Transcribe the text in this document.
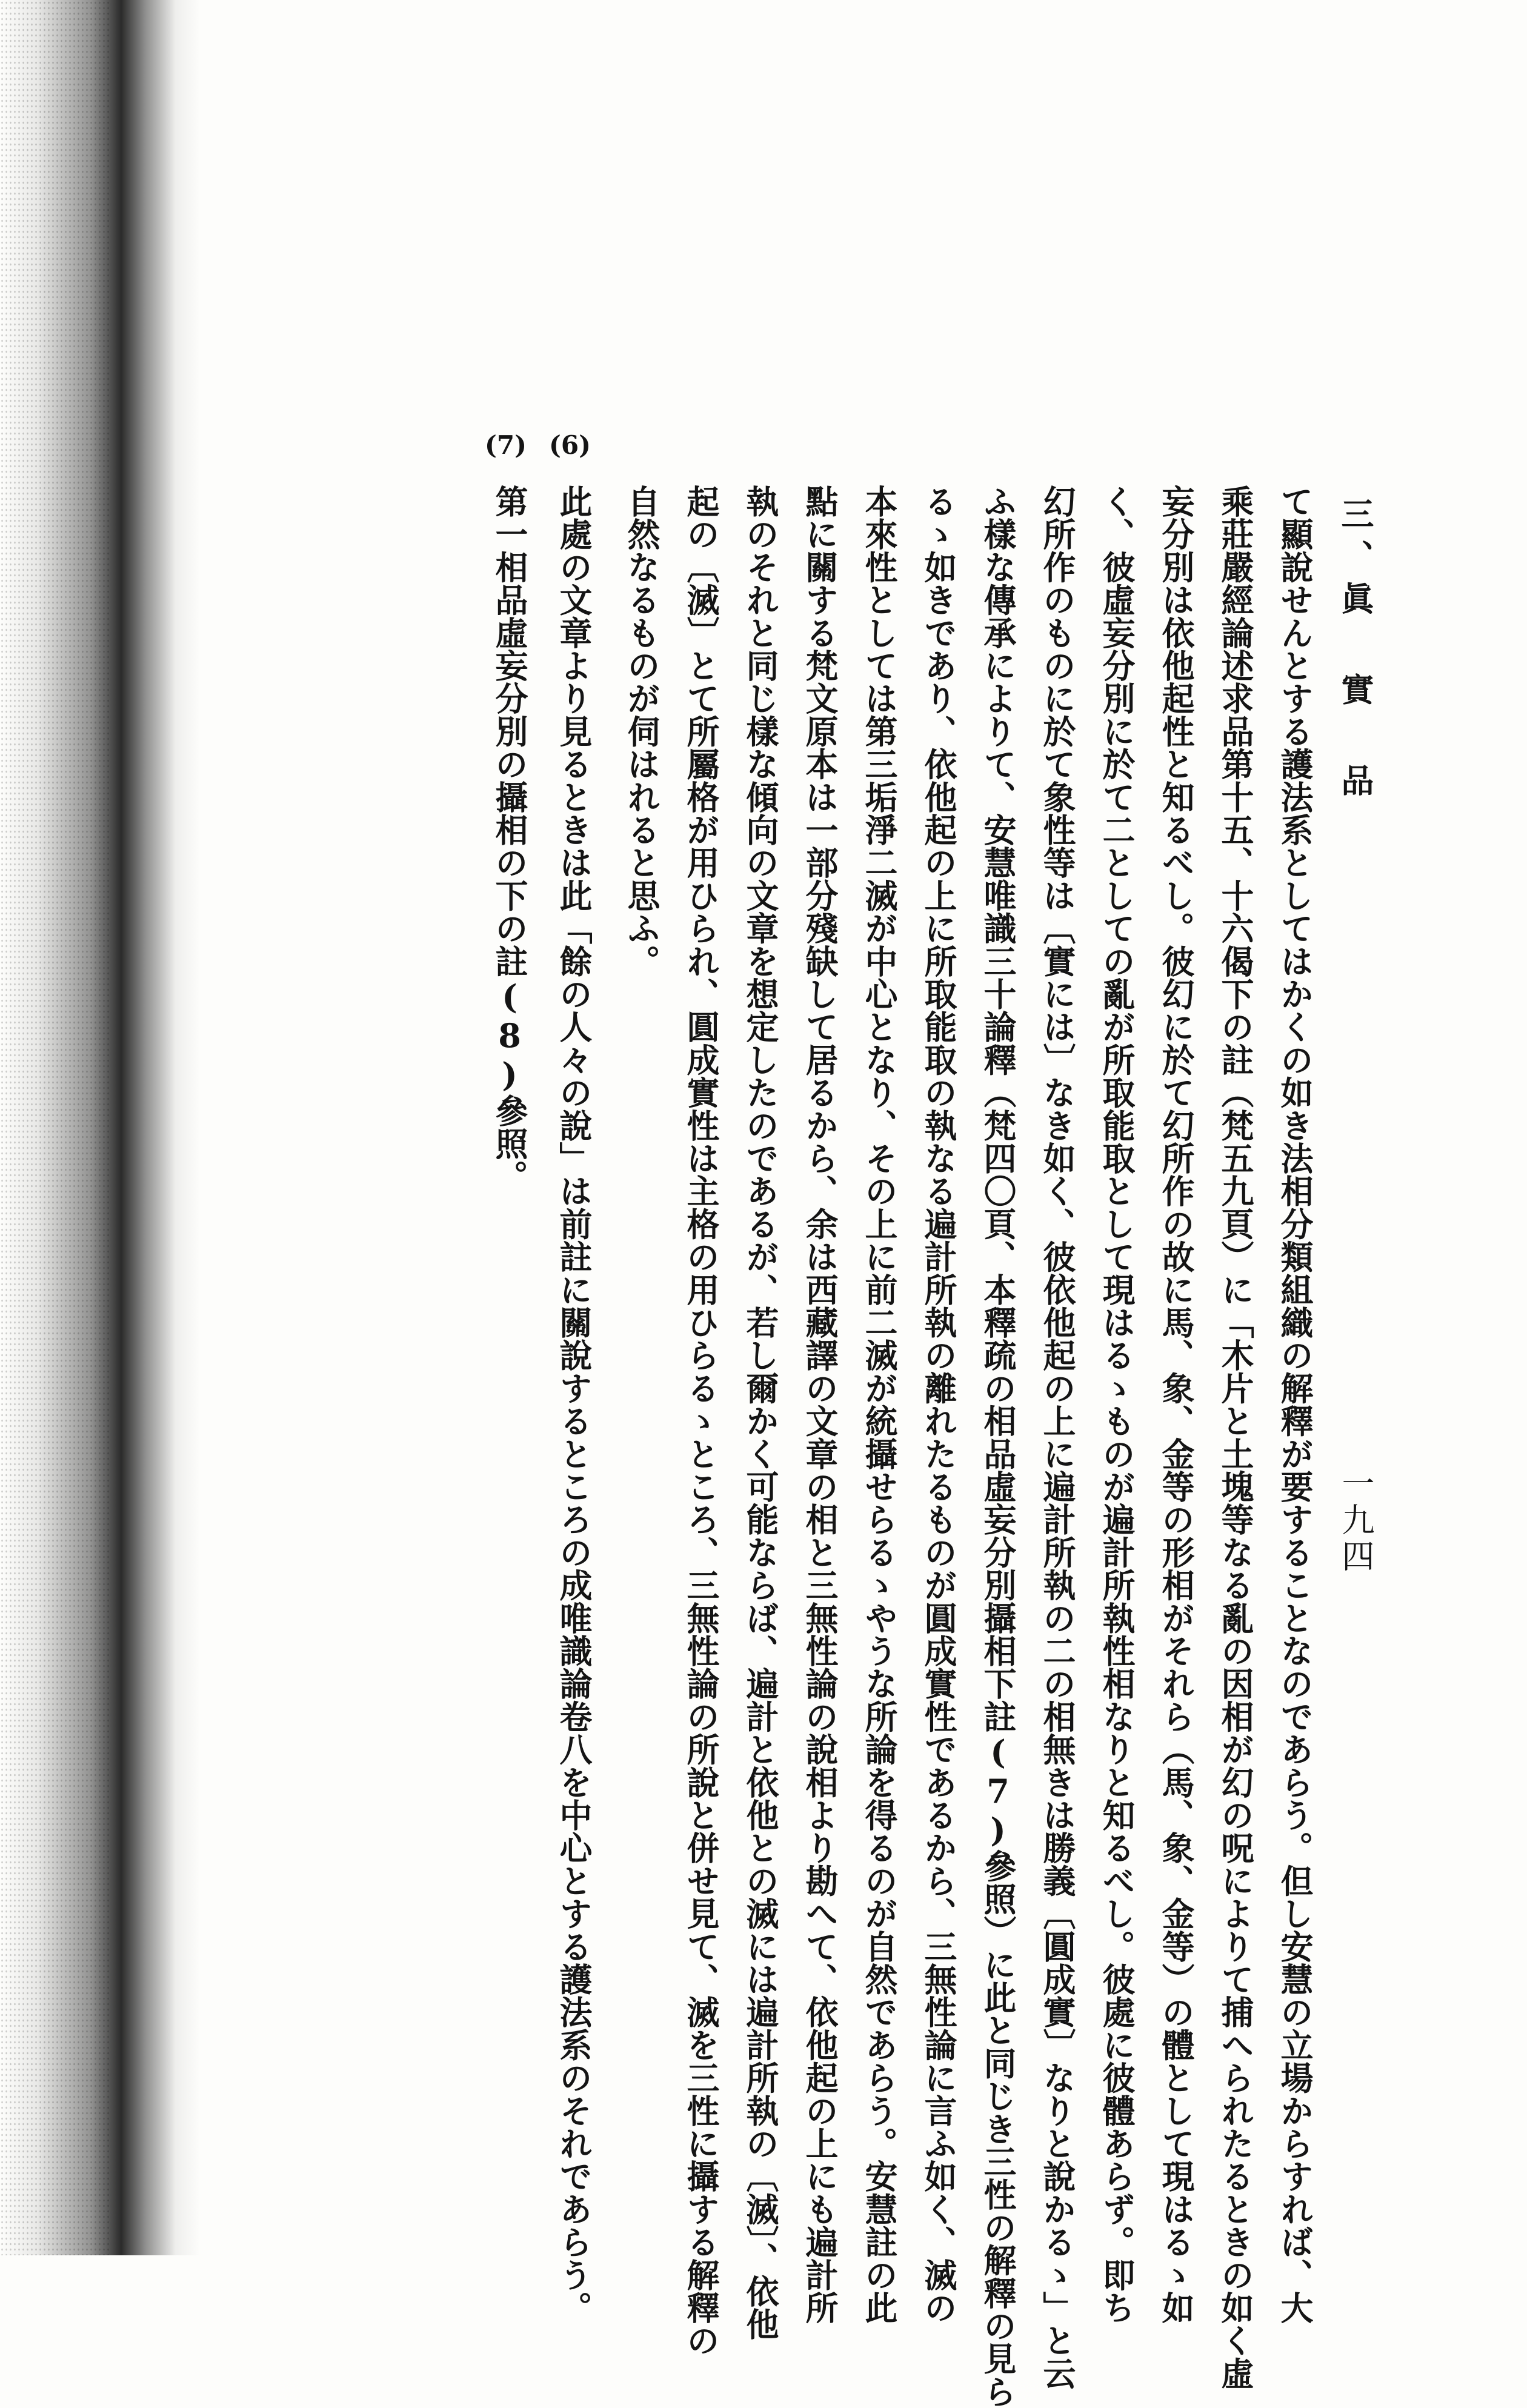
三、眞 實 品
一九四
て顯說せんとする護法系としてはかくの如き法相分類組織の解釋が要することなのであらう。但し安慧の立場からすれば、大
乘莊嚴經論述求品第十五、十六偈下の註（梵五九頁）に「木片と土塊等なる亂の因相が幻の呪によりて捕へられたるときの如く虛
妄分別は依他起性と知るべし。彼幻に於て幻所作の故に馬、象、金等の形相がそれら（馬、象、金等）の體として現はるゝ如
く、彼虛妄分別に於て二としての亂が所取能取として現はるゝものが遍計所執性相なりと知るべし。彼處に彼體あらず。即ち
幻所作のものに於て象性等は〔實には〕なき如く、彼依他起の上に遍計所執の二の相無きは勝義〔圓成實〕なりと說かるゝ」と云
ふ樣な傳承によりて、安慧唯識三十論釋（梵四〇頁、本釋疏の相品虛妄分別攝相下註(7)參照）に此と同じき三性の解釋の見ら
るゝ如きであり、依他起の上に所取能取の執なる遍計所執の離れたるものが圓成實性であるから、三無性論に言ふ如く、滅の
本來性としては第三垢淨二滅が中心となり、その上に前二滅が統攝せらるゝやうな所論を得るのが自然であらう。安慧註の此
點に關する梵文原本は一部分殘缺して居るから、余は西藏譯の文章の相と三無性論の說相より勘へて、依他起の上にも遍計所
執のそれと同じ樣な傾向の文章を想定したのであるが、若し爾かく可能ならば、遍計と依他との滅には遍計所執の〔滅〕、依他
起の〔滅〕とて所屬格が用ひられ、圓成實性は主格の用ひらるゝところ、三無性論の所說と併せ見て、滅を三性に攝する解釋の
自然なるものが伺はれると思ふ。
(6)
此處の文章より見るときは此「餘の人々の說」は前註に關說するところの成唯識論卷八を中心とする護法系のそれであらう。
(7)
第一相品虛妄分別の攝相の下の註(8)參照。
